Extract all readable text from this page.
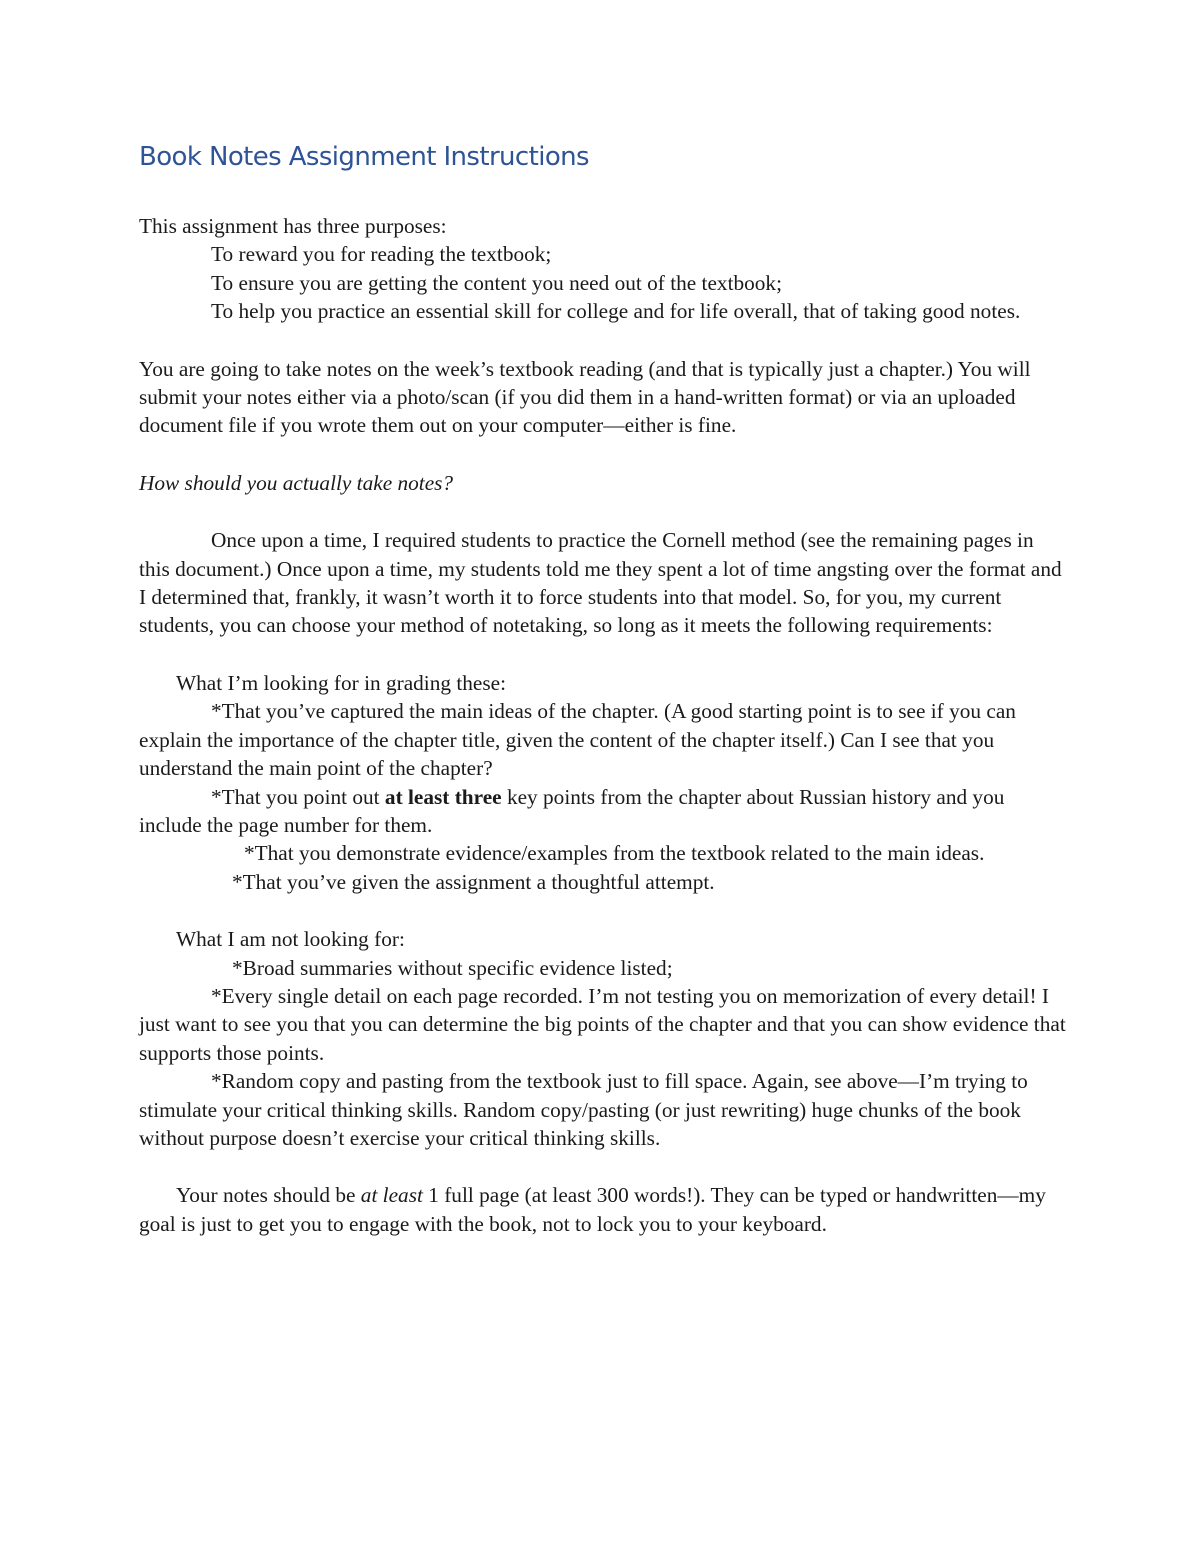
Book Notes Assignment Instructions

This assignment has three purposes:

To reward you for reading the textbook;

To ensure you are getting the content you need out of the textbook;

To help you practice an essential skill for college and for life overall, that of taking good notes.

You are going to take notes on the week’s textbook reading (and that is typically just a chapter.) You will submit your notes either via a photo/scan (if you did them in a hand-written format) or via an uploaded document file if you wrote them out on your computer—either is fine.

How should you actually take notes?

Once upon a time, I required students to practice the Cornell method (see the remaining pages in this document.) Once upon a time, my students told me they spent a lot of time angsting over the format and I determined that, frankly, it wasn’t worth it to force students into that model. So, for you, my current students, you can choose your method of notetaking, so long as it meets the following requirements:

What I’m looking for in grading these:

*That you’ve captured the main ideas of the chapter. (A good starting point is to see if you can explain the importance of the chapter title, given the content of the chapter itself.) Can I see that you understand the main point of the chapter?

*That you point out at least three key points from the chapter about Russian history and you include the page number for them.

*That you demonstrate evidence/examples from the textbook related to the main ideas.

*That you’ve given the assignment a thoughtful attempt.

What I am not looking for:

*Broad summaries without specific evidence listed;

*Every single detail on each page recorded. I’m not testing you on memorization of every detail! I just want to see you that you can determine the big points of the chapter and that you can show evidence that supports those points.

*Random copy and pasting from the textbook just to fill space. Again, see above—I’m trying to stimulate your critical thinking skills. Random copy/pasting (or just rewriting) huge chunks of the book without purpose doesn’t exercise your critical thinking skills.

Your notes should be at least 1 full page (at least 300 words!). They can be typed or handwritten—my goal is just to get you to engage with the book, not to lock you to your keyboard.
